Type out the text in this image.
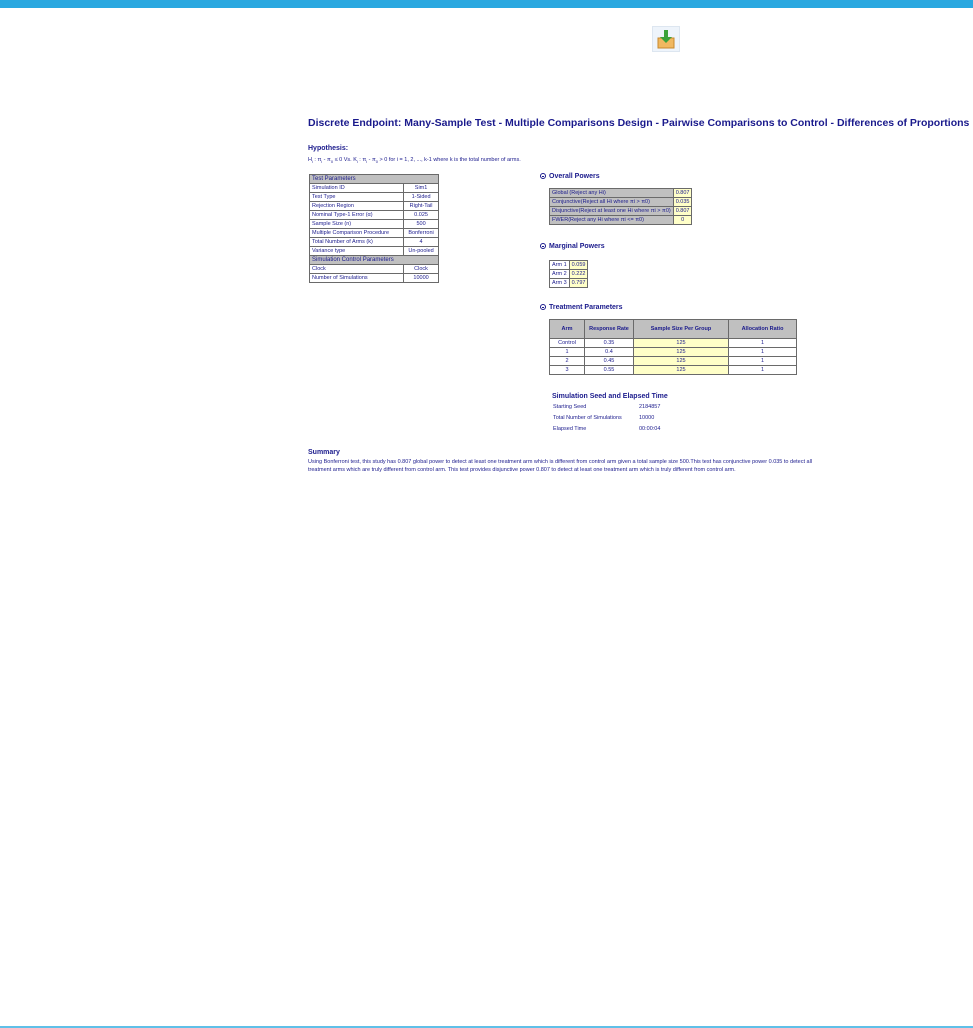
Discrete Endpoint: Many-Sample Test - Multiple Comparisons Design - Pairwise Comparisons to Control - Differences of Proportions
Hypothesis:
$H_i$ : $\pi_i - \pi_0 \le 0$ Vs. $K_i$ : $\pi_i - \pi_0 > 0$ for i = 1, 2, ..., k-1 where k is the total number of arms.
Test Parameters	
Simulation ID	Sim1
Test Type	1-Sided
Rejection Region	Right-Tail
Nominal Type-1 Error (α)	0.025
Sample Size (n)	500
Multiple Comparison Procedure	Bonferroni
Total Number of Arms (k)	4
Variance type	Un-pooled
Simulation Control Parameters	
Clock	Clock
Number of Simulations	10000
Overall Powers
Global (Reject any Hi)	0.807
Conjunctive(Reject all Hi where πi > π0)	0.035
Disjunctive(Reject at least one Hi where πi > π0)	0.807
FWER(Reject any Hi where πi <= π0)	0
Marginal Powers
Arm 1	0.059
Arm 2	0.222
Arm 3	0.797
Treatment Parameters
Arm	Response Rate	Sample Size Per Group	Allocation Ratio
Control	0.35	125	1
1	0.4	125	1
2	0.45	125	1
3	0.55	125	1
Simulation Seed and Elapsed Time
Starting Seed	2184857
Total Number of Simulations	10000
Elapsed Time	00:00:04
Summary
Using Bonferroni test, this study has 0.807 global power to detect at least one treatment arm which is different from control arm given a total sample size 500.This test has conjunctive power 0.035 to detect all treatment arms which are truly different from control arm. This test provides disjunctive power 0.807 to detect at least one treatment arm which is truly different from control arm.
